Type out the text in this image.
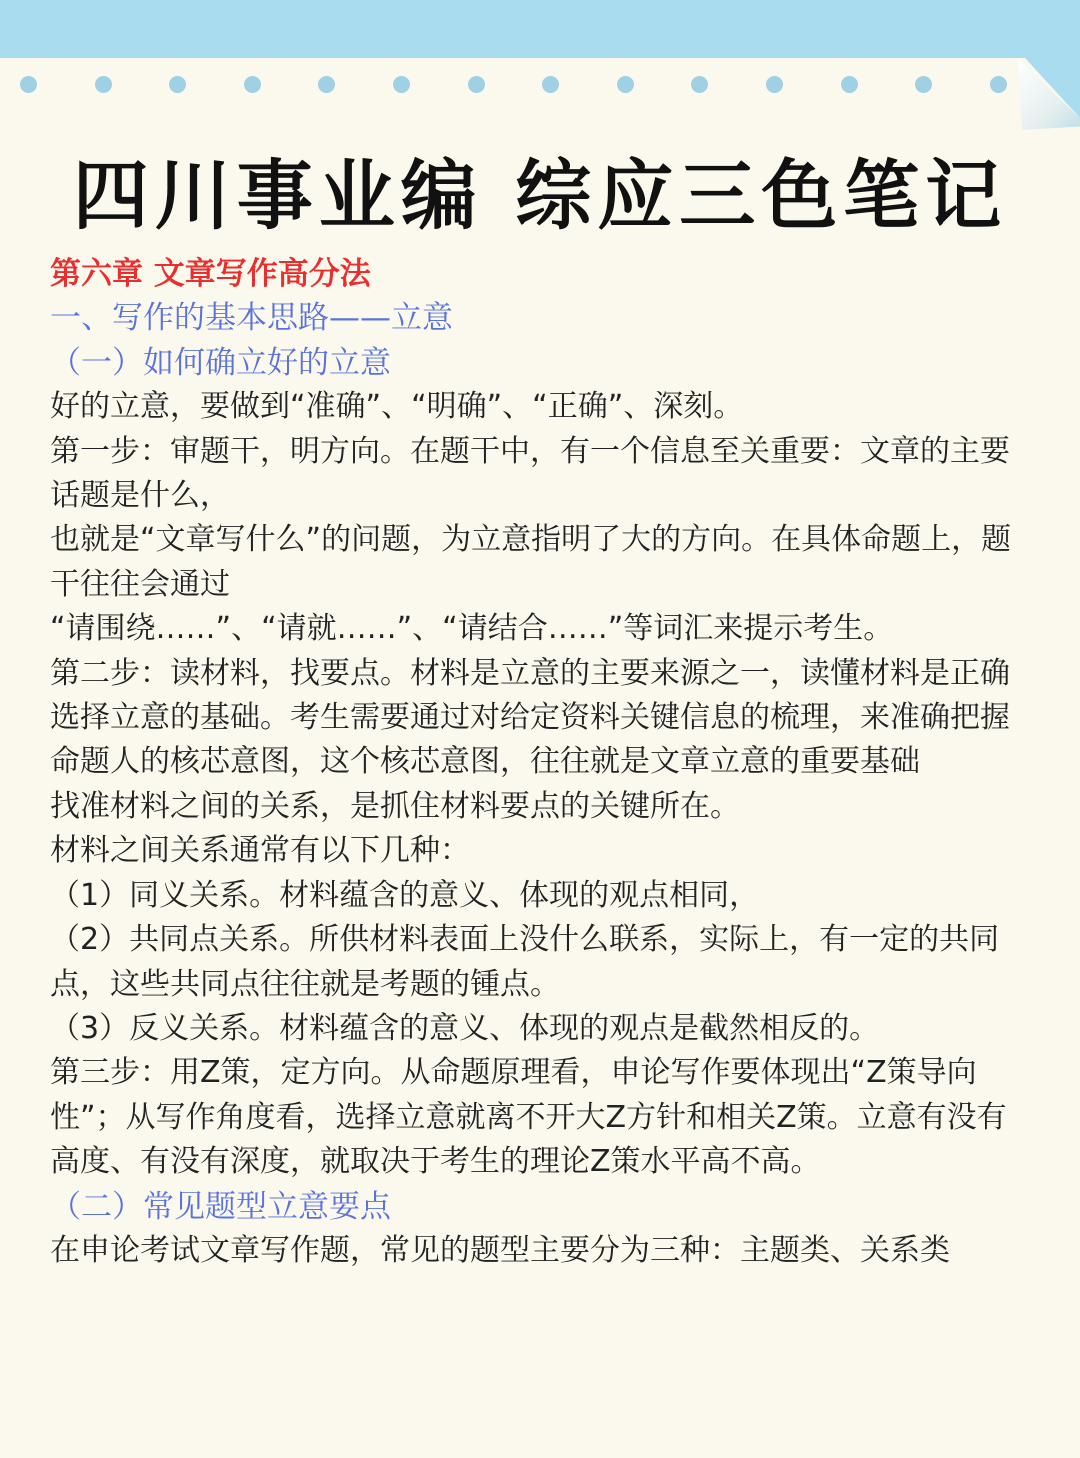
四川事业编 综应三色笔记

第六章 文章写作高分法

一、写作的基本思路——立意

（一）如何确立好的立意

好的立意，要做到“准确”、“明确”、“正确”、深刻。

第一步：审题干，明方向。在题干中，有一个信息至关重要：文章的主要话题是什么，

也就是“文章写什么”的问题，为立意指明了大的方向。在具体命题上，题干往往会通过

“请围绕……”、“请就……”、“请结合……”等词汇来提示考生。

第二步：读材料，找要点。材料是立意的主要来源之一，读懂材料是正确选择立意的基础。考生需要通过对给定资料关键信息的梳理，来准确把握命题人的核芯意图，这个核芯意图，往往就是文章立意的重要基础

找准材料之间的关系，是抓住材料要点的关键所在。

材料之间关系通常有以下几种：

（1）同义关系。材料蕴含的意义、体现的观点相同，

（2）共同点关系。所供材料表面上没什么联系，实际上，有一定的共同点，这些共同点往往就是考题的锺点。

（3）反义关系。材料蕴含的意义、体现的观点是截然相反的。

第三步：用Z策，定方向。从命题原理看，申论写作要体现出“Z策导向性”；从写作角度看，选择立意就离不开大Z方针和相关Z策。立意有没有高度、有没有深度，就取决于考生的理论Z策水平高不高。

（二）常见题型立意要点

在申论考试文章写作题，常见的题型主要分为三种：主题类、关系类
